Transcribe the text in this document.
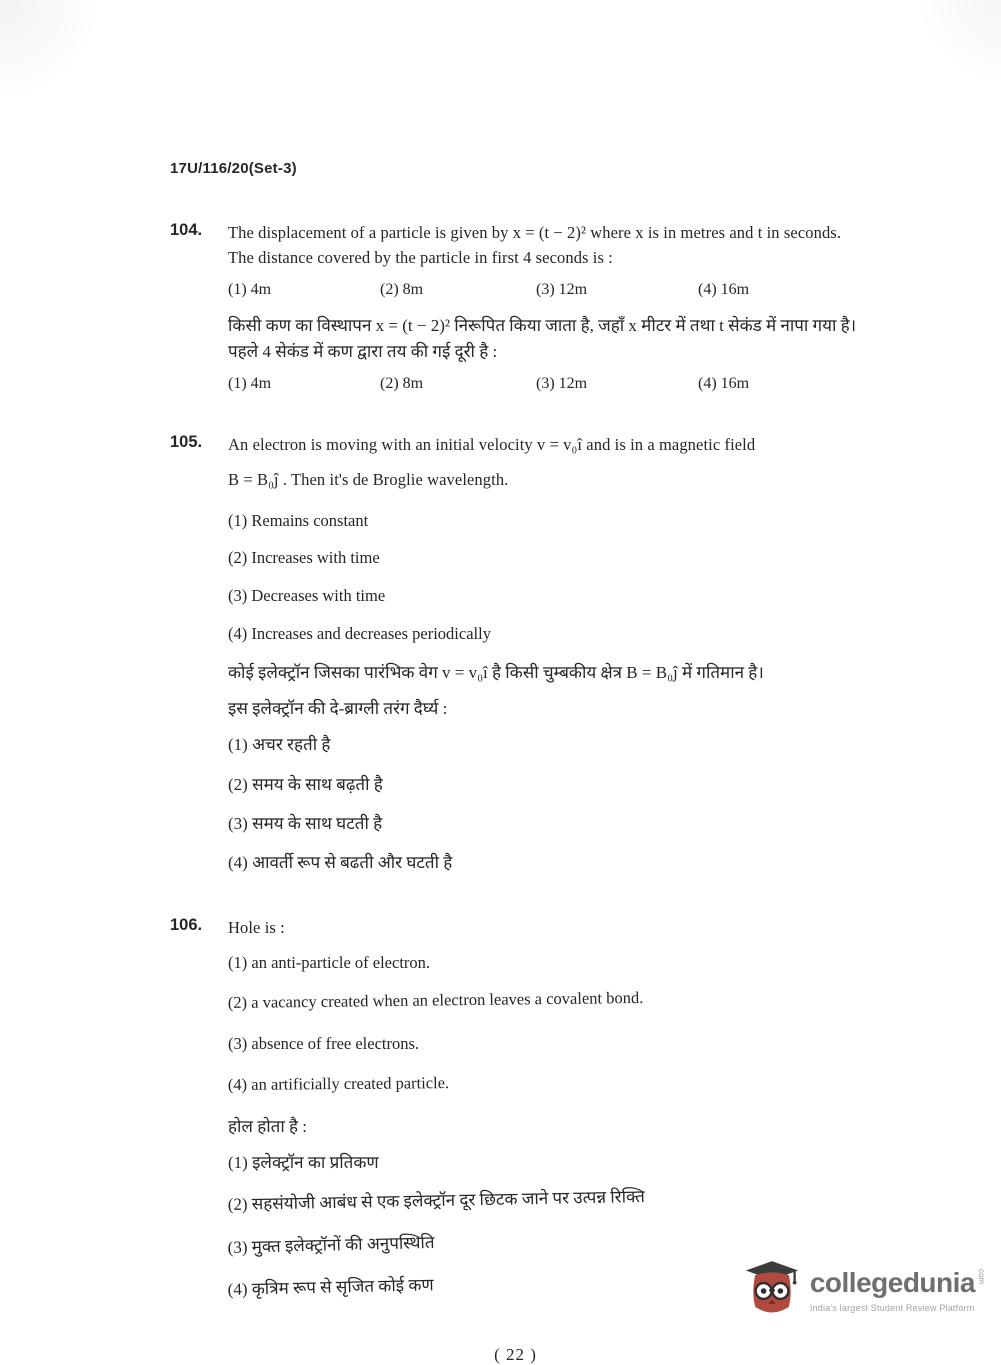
17U/116/20(Set-3)
104.	The displacement of a particle is given by x = (t − 2)² where x is in metres and t in seconds. The distance covered by the particle in first 4 seconds is :

(1) 4m	(2) 8m	(3) 12m	(4) 16m

किसी कण का विस्थापन x = (t − 2)² निरूपित किया जाता है, जहाँ x मीटर में तथा t सेकंड में नापा गया है। पहले 4 सेकंड में कण द्वारा तय की गई दूरी है :

(1) 4m	(2) 8m	(3) 12m	(4) 16m
105.	An electron is moving with an initial velocity v = v₀î and is in a magnetic field

B = B₀ĵ . Then it's de Broglie wavelength.

(1) Remains constant

(2) Increases with time

(3) Decreases with time

(4) Increases and decreases periodically

कोई इलेक्ट्रॉन जिसका पारंभिक वेग v = v₀î है किसी चुम्बकीय क्षेत्र B = B₀ĵ में गतिमान है।

इस इलेक्ट्रॉन की दे-ब्राग्ली तरंग दैर्घ्य :

(1) अचर रहती है

(2) समय के साथ बढ़ती है

(3) समय के साथ घटती है

(4) आवर्ती रूप से बढती और घटती है

106.	Hole is :

(1) an anti-particle of electron.

(2) a vacancy created when an electron leaves a covalent bond.

(3) absence of free electrons.

(4) an artificially created particle.

होल होता है :

(1) इलेक्ट्रॉन का प्रतिकण

(2) सहसंयोजी आबंध से एक इलेक्ट्रॉन दूर छिटक जाने पर उत्पन्न रिक्ति

(3) मुक्त इलेक्ट्रॉनों की अनुपस्थिति

(4) कृत्रिम रूप से सृजित कोई कण

( 22 )
collegedunia com
India's largest Student Review Platform
